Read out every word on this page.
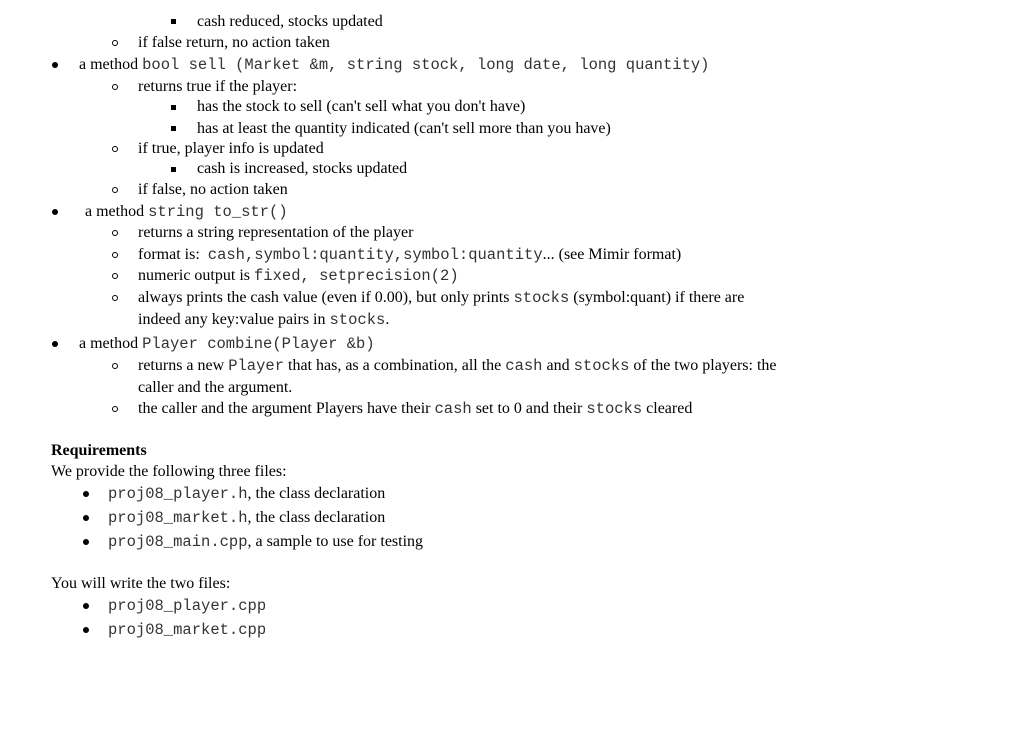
cash reduced, stocks updated
if false return, no action taken
a method bool sell (Market &m, string stock, long date, long quantity)
returns true if the player:
has the stock to sell (can't sell what you don't have)
has at least the quantity indicated (can't sell more than you have)
if true, player info is updated
cash is increased, stocks updated
if false, no action taken
a method string to_str()
returns a string representation of the player
format is:  cash,symbol:quantity,symbol:quantity... (see Mimir format)
numeric output is fixed, setprecision(2)
always prints the cash value (even if 0.00), but only prints stocks (symbol:quant) if there are
indeed any key:value pairs in stocks.
a method Player combine(Player &b)
returns a new Player that has, as a combination, all the cash and stocks of the two players: the
caller and the argument.
the caller and the argument Players have their cash set to 0 and their stocks cleared
Requirements
We provide the following three files:
proj08_player.h, the class declaration
proj08_market.h, the class declaration
proj08_main.cpp, a sample to use for testing
You will write the two files:
proj08_player.cpp
proj08_market.cpp
